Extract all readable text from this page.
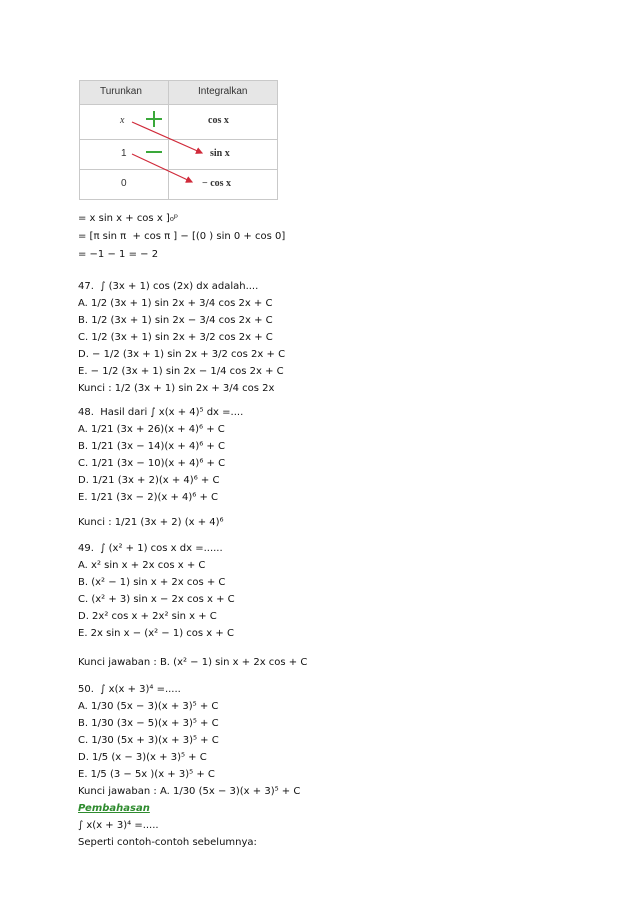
Turunkan	Integralkan
x	cos x
1	sin x
0	− cos x
= x sin x + cos x ]₀ᵖ
= [π sin π  + cos π ] − [(0 ) sin 0 + cos 0]
= −1 − 1 = − 2
47.  ∫ (3x + 1) cos (2x) dx adalah....
A. 1/2 (3x + 1) sin 2x + 3/4 cos 2x + C
B. 1/2 (3x + 1) sin 2x − 3/4 cos 2x + C
C. 1/2 (3x + 1) sin 2x + 3/2 cos 2x + C
D. − 1/2 (3x + 1) sin 2x + 3/2 cos 2x + C
E. − 1/2 (3x + 1) sin 2x − 1/4 cos 2x + C
Kunci : 1/2 (3x + 1) sin 2x + 3/4 cos 2x
48.  Hasil dari ∫ x(x + 4)⁵ dx =....
A. 1/21 (3x + 26)(x + 4)⁶ + C
B. 1/21 (3x − 14)(x + 4)⁶ + C
C. 1/21 (3x − 10)(x + 4)⁶ + C
D. 1/21 (3x + 2)(x + 4)⁶ + C
E. 1/21 (3x − 2)(x + 4)⁶ + C
Kunci : 1/21 (3x + 2) (x + 4)⁶
49.  ∫ (x² + 1) cos x dx =......
A. x² sin x + 2x cos x + C
B. (x² − 1) sin x + 2x cos + C
C. (x² + 3) sin x − 2x cos x + C
D. 2x² cos x + 2x² sin x + C
E. 2x sin x − (x² − 1) cos x + C
Kunci jawaban : B. (x² − 1) sin x + 2x cos + C
50.  ∫ x(x + 3)⁴ =.....
A. 1/30 (5x − 3)(x + 3)⁵ + C
B. 1/30 (3x − 5)(x + 3)⁵ + C
C. 1/30 (5x + 3)(x + 3)⁵ + C
D. 1/5 (x − 3)(x + 3)⁵ + C
E. 1/5 (3 − 5x )(x + 3)⁵ + C
Kunci jawaban : A. 1/30 (5x − 3)(x + 3)⁵ + C
Pembahasan
∫ x(x + 3)⁴ =.....
Seperti contoh-contoh sebelumnya:
